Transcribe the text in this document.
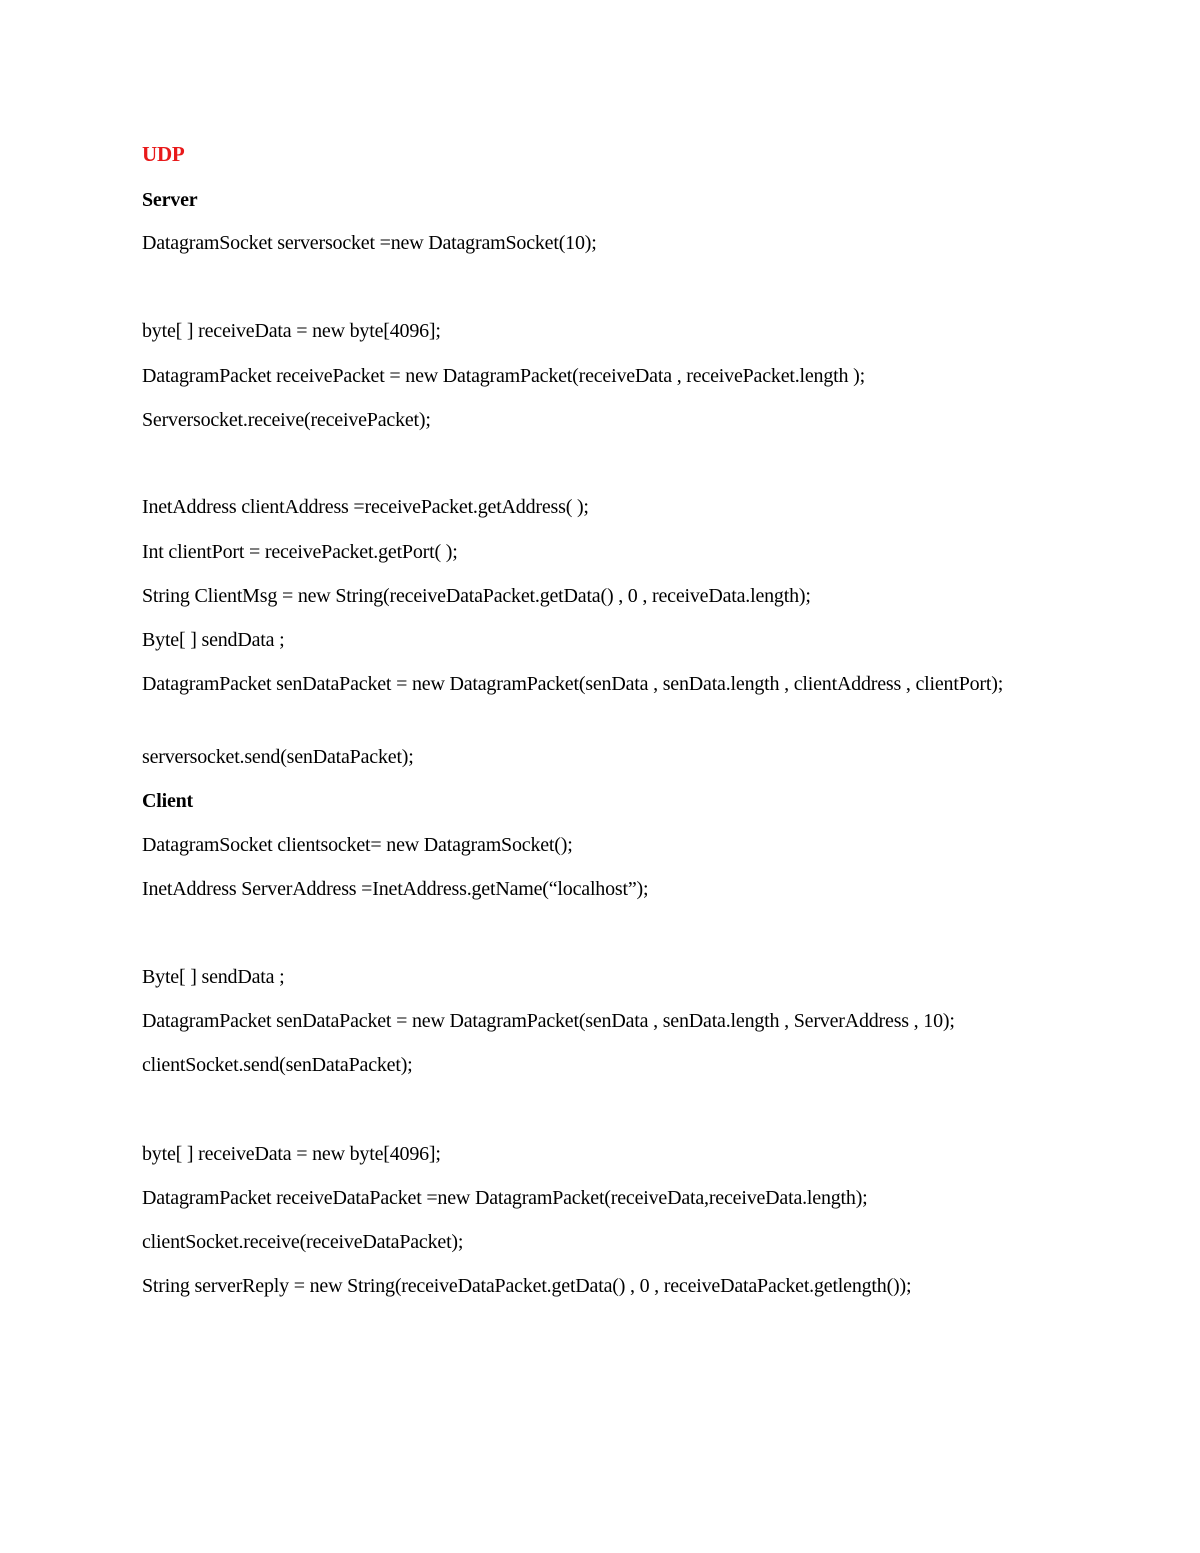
UDP
Server
DatagramSocket serversocket =new DatagramSocket(10);
byte[ ] receiveData = new byte[4096];
DatagramPacket receivePacket = new DatagramPacket(receiveData , receivePacket.length );
Serversocket.receive(receivePacket);
InetAddress clientAddress =receivePacket.getAddress( );
Int clientPort = receivePacket.getPort( );
String ClientMsg = new String(receiveDataPacket.getData() , 0 , receiveData.length);
Byte[ ] sendData ;
DatagramPacket senDataPacket = new DatagramPacket(senData , senData.length , clientAddress , clientPort);
serversocket.send(senDataPacket);
Client
DatagramSocket clientsocket= new DatagramSocket();
InetAddress ServerAddress =InetAddress.getName(“localhost”);
Byte[ ] sendData ;
DatagramPacket senDataPacket = new DatagramPacket(senData , senData.length , ServerAddress , 10);
clientSocket.send(senDataPacket);
byte[ ] receiveData = new byte[4096];
DatagramPacket receiveDataPacket =new DatagramPacket(receiveData,receiveData.length);
clientSocket.receive(receiveDataPacket);
String serverReply = new String(receiveDataPacket.getData() , 0 , receiveDataPacket.getlength());
